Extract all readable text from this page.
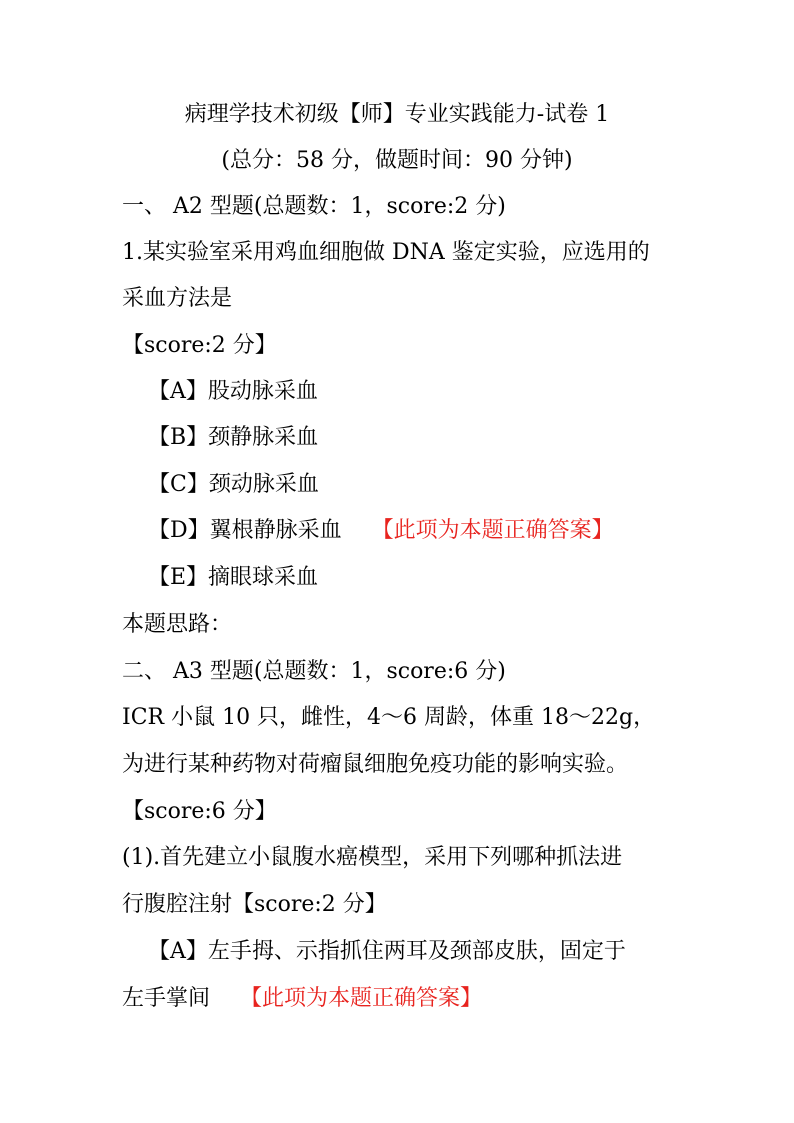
病理学技术初级【师】专业实践能力-试卷 1
(总分：58 分，做题时间：90 分钟)
一、 A2 型题(总题数：1，score:2 分)
1.某实验室采用鸡血细胞做 DNA 鉴定实验，应选用的
采血方法是
【score:2 分】
【A】股动脉采血
【B】颈静脉采血
【C】颈动脉采血
【D】翼根静脉采血 【此项为本题正确答案】
【E】摘眼球采血
本题思路：
二、 A3 型题(总题数：1，score:6 分)
ICR 小鼠 10 只，雌性，4～6 周龄，体重 18～22g，
为进行某种药物对荷瘤鼠细胞免疫功能的影响实验。
【score:6 分】
(1).首先建立小鼠腹水癌模型，采用下列哪种抓法进
行腹腔注射【score:2 分】
【A】左手拇、示指抓住两耳及颈部皮肤，固定于
左手掌间 【此项为本题正确答案】
